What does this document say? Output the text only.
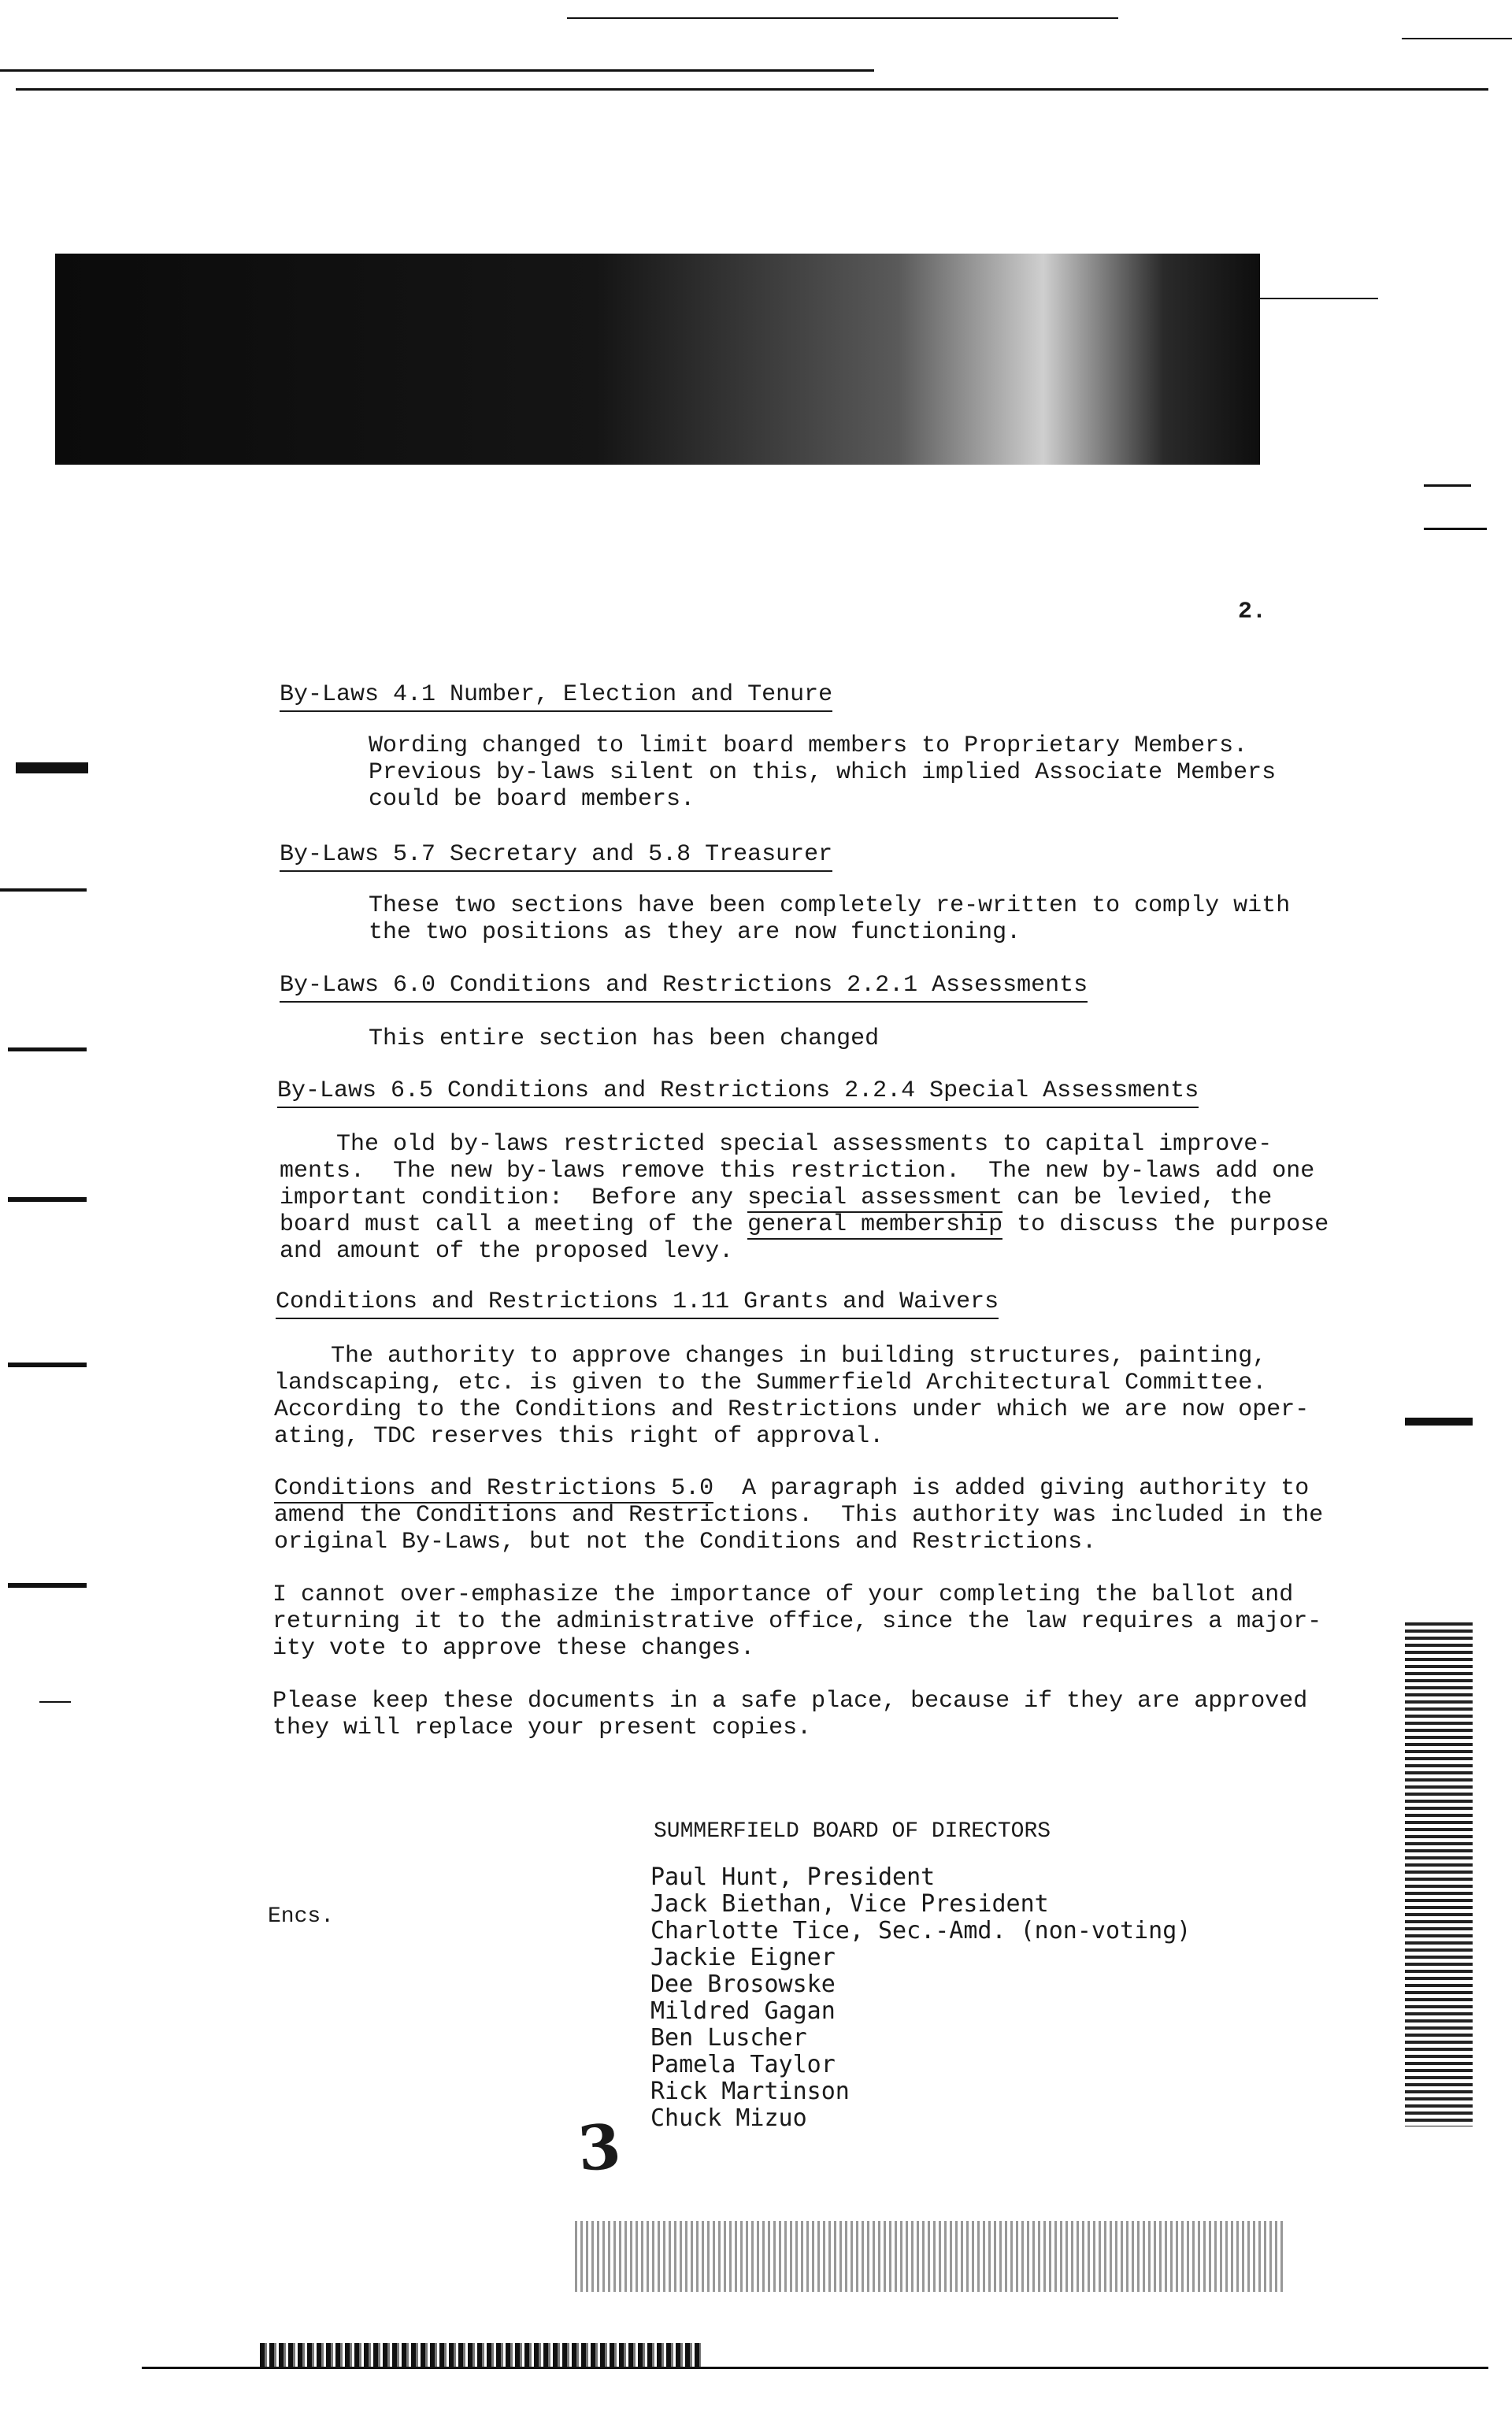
2.
By-Laws 4.1 Number, Election and Tenure
Wording changed to limit board members to Proprietary Members.
Previous by-laws silent on this, which implied Associate Members
could be board members.
By-Laws 5.7 Secretary and 5.8 Treasurer
These two sections have been completely re-written to comply with
the two positions as they are now functioning.
By-Laws 6.0 Conditions and Restrictions 2.2.1 Assessments
This entire section has been changed
By-Laws 6.5 Conditions and Restrictions 2.2.4 Special Assessments
The old by-laws restricted special assessments to capital improve-
ments.  The new by-laws remove this restriction.  The new by-laws add one
important condition:  Before any special assessment can be levied, the
board must call a meeting of the general membership to discuss the purpose
and amount of the proposed levy.
Conditions and Restrictions 1.11 Grants and Waivers
The authority to approve changes in building structures, painting,
landscaping, etc. is given to the Summerfield Architectural Committee.
According to the Conditions and Restrictions under which we are now oper-
ating, TDC reserves this right of approval.
Conditions and Restrictions 5.0  A paragraph is added giving authority to
amend the Conditions and Restrictions.  This authority was included in the
original By-Laws, but not the Conditions and Restrictions.
I cannot over-emphasize the importance of your completing the ballot and
returning it to the administrative office, since the law requires a major-
ity vote to approve these changes.
Please keep these documents in a safe place, because if they are approved
they will replace your present copies.
SUMMERFIELD BOARD OF DIRECTORS
Encs.
Paul Hunt, President
Jack Biethan, Vice President
Charlotte Tice, Sec.-Amd. (non-voting)
Jackie Eigner
Dee Brosowske
Mildred Gagan
Ben Luscher
Pamela Taylor
Rick Martinson
Chuck Mizuo
3
